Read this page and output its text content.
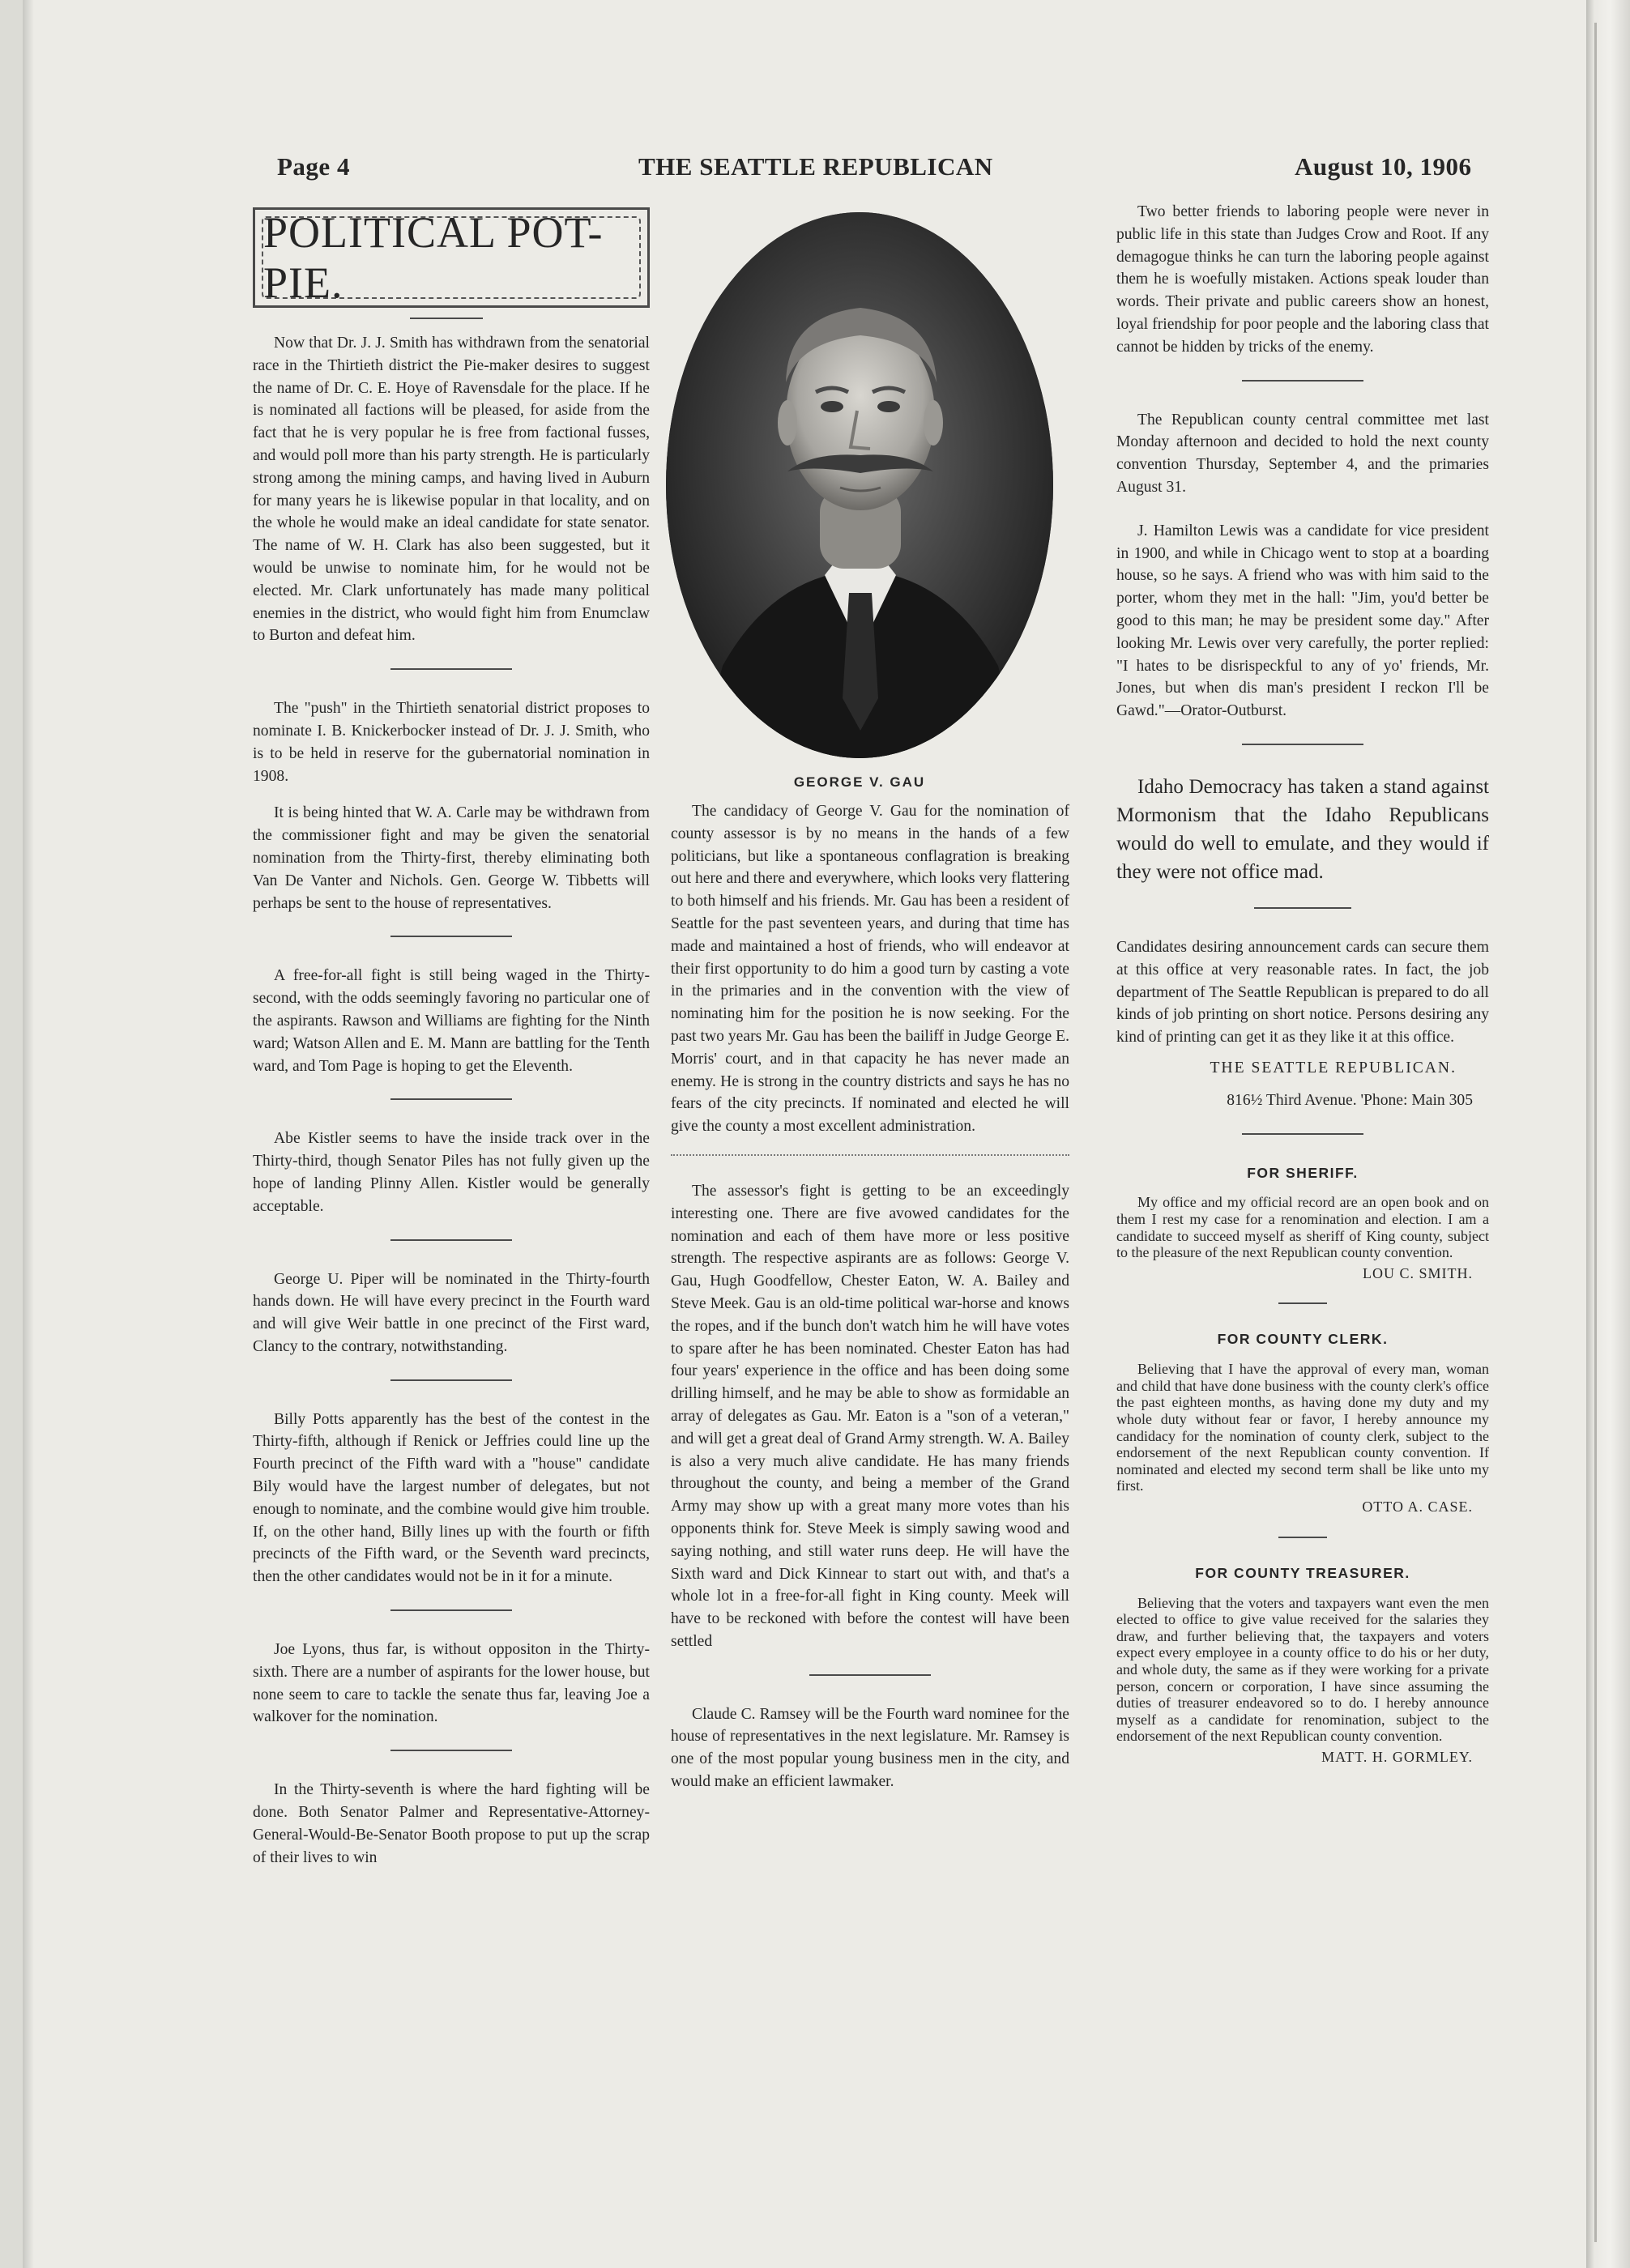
Page 4	THE SEATTLE REPUBLICAN	August 10, 1906
POLITICAL POT-PIE.

Now that Dr. J. J. Smith has withdrawn from the senatorial race in the Thirtieth district the Pie-maker desires to suggest the name of Dr. C. E. Hoye of Ravensdale for the place. If he is nominated all factions will be pleased, for aside from the fact that he is very popular he is free from factional fusses, and would poll more than his party strength. He is particularly strong among the mining camps, and having lived in Auburn for many years he is likewise popular in that locality, and on the whole he would make an ideal candidate for state senator. The name of W. H. Clark has also been suggested, but it would be unwise to nominate him, for he would not be elected. Mr. Clark unfortunately has made many political enemies in the district, who would fight him from Enumclaw to Burton and defeat him.

The "push" in the Thirtieth senatorial district proposes to nominate I. B. Knickerbocker instead of Dr. J. J. Smith, who is to be held in reserve for the gubernatorial nomination in 1908.

It is being hinted that W. A. Carle may be withdrawn from the commissioner fight and may be given the senatorial nomination from the Thirty-first, thereby eliminating both Van De Vanter and Nichols. Gen. George W. Tibbetts will perhaps be sent to the house of representatives.

A free-for-all fight is still being waged in the Thirty-second, with the odds seemingly favoring no particular one of the aspirants. Rawson and Williams are fighting for the Ninth ward; Watson Allen and E. M. Mann are battling for the Tenth ward, and Tom Page is hoping to get the Eleventh.

Abe Kistler seems to have the inside track over in the Thirty-third, though Senator Piles has not fully given up the hope of landing Plinny Allen. Kistler would be generally acceptable.

George U. Piper will be nominated in the Thirty-fourth hands down. He will have every precinct in the Fourth ward and will give Weir battle in one precinct of the First ward, Clancy to the contrary, notwithstanding.

Billy Potts apparently has the best of the contest in the Thirty-fifth, although if Renick or Jeffries could line up the Fourth precinct of the Fifth ward with a "house" candidate Bily would have the largest number of delegates, but not enough to nominate, and the combine would give him trouble. If, on the other hand, Billy lines up with the fourth or fifth precincts of the Fifth ward, or the Seventh ward precincts, then the other candidates would not be in it for a minute.

Joe Lyons, thus far, is without oppositon in the Thirty-sixth. There are a number of aspirants for the lower house, but none seem to care to tackle the senate thus far, leaving Joe a walkover for the nomination.

In the Thirty-seventh is where the hard fighting will be done. Both Senator Palmer and Representative-Attorney-General-Would-Be-Senator Booth propose to put up the scrap of their lives to win

GEORGE V. GAU

The candidacy of George V. Gau for the nomination of county assessor is by no means in the hands of a few politicians, but like a spontaneous conflagration is breaking out here and there and everywhere, which looks very flattering to both himself and his friends. Mr. Gau has been a resident of Seattle for the past seventeen years, and during that time has made and maintained a host of friends, who will endeavor at their first opportunity to do him a good turn by casting a vote in the primaries and in the convention with the view of nominating him for the position he is now seeking. For the past two years Mr. Gau has been the bailiff in Judge George E. Morris' court, and in that capacity he has never made an enemy. He is strong in the country districts and says he has no fears of the city precincts. If nominated and elected he will give the county a most excellent administration.

The assessor's fight is getting to be an exceedingly interesting one. There are five avowed candidates for the nomination and each of them have more or less positive strength. The respective aspirants are as follows: George V. Gau, Hugh Goodfellow, Chester Eaton, W. A. Bailey and Steve Meek. Gau is an old-time political war-horse and knows the ropes, and if the bunch don't watch him he will have votes to spare after he has been nominated. Chester Eaton has had four years' experience in the office and has been doing some drilling himself, and he may be able to show as formidable an array of delegates as Gau. Mr. Eaton is a "son of a veteran," and will get a great deal of Grand Army strength. W. A. Bailey is also a very much alive candidate. He has many friends throughout the county, and being a member of the Grand Army may show up with a great many more votes than his opponents think for. Steve Meek is simply sawing wood and saying nothing, and still water runs deep. He will have the Sixth ward and Dick Kinnear to start out with, and that's a whole lot in a free-for-all fight in King county. Meek will have to be reckoned with before the contest will have been settled

Claude C. Ramsey will be the Fourth ward nominee for the house of representatives in the next legislature. Mr. Ramsey is one of the most popular young business men in the city, and would make an efficient lawmaker.

Two better friends to laboring people were never in public life in this state than Judges Crow and Root. If any demagogue thinks he can turn the laboring people against them he is woefully mistaken. Actions speak louder than words. Their private and public careers show an honest, loyal friendship for poor people and the laboring class that cannot be hidden by tricks of the enemy.

The Republican county central committee met last Monday afternoon and decided to hold the next county convention Thursday, September 4, and the primaries August 31.

J. Hamilton Lewis was a candidate for vice president in 1900, and while in Chicago went to stop at a boarding house, so he says. A friend who was with him said to the porter, whom they met in the hall: "Jim, you'd better be good to this man; he may be president some day." After looking Mr. Lewis over very carefully, the porter replied: "I hates to be disrispeckful to any of yo' friends, Mr. Jones, but when dis man's president I reckon I'll be Gawd."—Orator-Outburst.

Idaho Democracy has taken a stand against Mormonism that the Idaho Republicans would do well to emulate, and they would if they were not office mad.

Candidates desiring announcement cards can secure them at this office at very reasonable rates. In fact, the job department of The Seattle Republican is prepared to do all kinds of job printing on short notice. Persons desiring any kind of printing can get it as they like it at this office.

THE SEATTLE REPUBLICAN.
816½ Third Avenue. 'Phone: Main 305
FOR SHERIFF.

My office and my official record are an open book and on them I rest my case for a renomination and election. I am a candidate to succeed myself as sheriff of King county, subject to the pleasure of the next Republican county convention.

LOU C. SMITH.
FOR COUNTY CLERK.

Believing that I have the approval of every man, woman and child that have done business with the county clerk's office the past eighteen months, as having done my duty and my whole duty without fear or favor, I hereby announce my candidacy for the nomination of county clerk, subject to the endorsement of the next Republican county convention. If nominated and elected my second term shall be like unto my first.

OTTO A. CASE.
FOR COUNTY TREASURER.

Believing that the voters and taxpayers want even the men elected to office to give value received for the salaries they draw, and further believing that, the taxpayers and voters expect every employee in a county office to do his or her duty, and whole duty, the same as if they were working for a private person, concern or corporation, I have since assuming the duties of treasurer endeavored so to do. I hereby announce myself as a candidate for renomination, subject to the endorsement of the next Republican county convention.

MATT. H. GORMLEY.
